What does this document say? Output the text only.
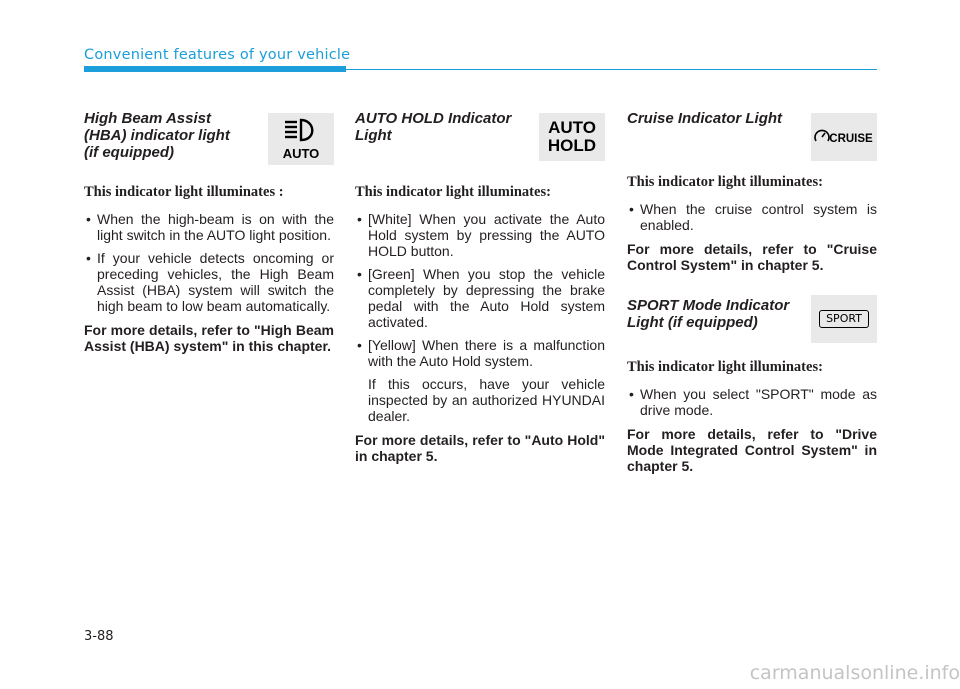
Convenient features of your vehicle
High Beam Assist
(HBA) indicator light
(if equipped)	AUTO

This indicator light illuminates :

• When the high-beam is on with the light switch in the AUTO light position.
• If your vehicle detects oncoming or preceding vehicles, the High Beam Assist (HBA) system will switch the high beam to low beam automatically.

For more details, refer to "High Beam Assist (HBA) system" in this chapter.

AUTO HOLD Indicator
Light	AUTO
HOLD

This indicator light illuminates:

• [White] When you activate the Auto Hold system by pressing the AUTO HOLD button.
• [Green] When you stop the vehicle completely by depressing the brake pedal with the Auto Hold system activated.
• [Yellow] When there is a malfunction with the Auto Hold system.

If this occurs, have your vehicle inspected by an authorized HYUNDAI dealer.

For more details, refer to "Auto Hold" in chapter 5.

Cruise Indicator Light
CRUISE

This indicator light illuminates:

• When the cruise control system is enabled.

For more details, refer to "Cruise Control System" in chapter 5.

SPORT Mode Indicator
Light (if equipped)	SPORT

This indicator light illuminates:

• When you select "SPORT" mode as drive mode.

For more details, refer to "Drive Mode Integrated Control System" in chapter 5.

3-88
carmanualsonline.info
